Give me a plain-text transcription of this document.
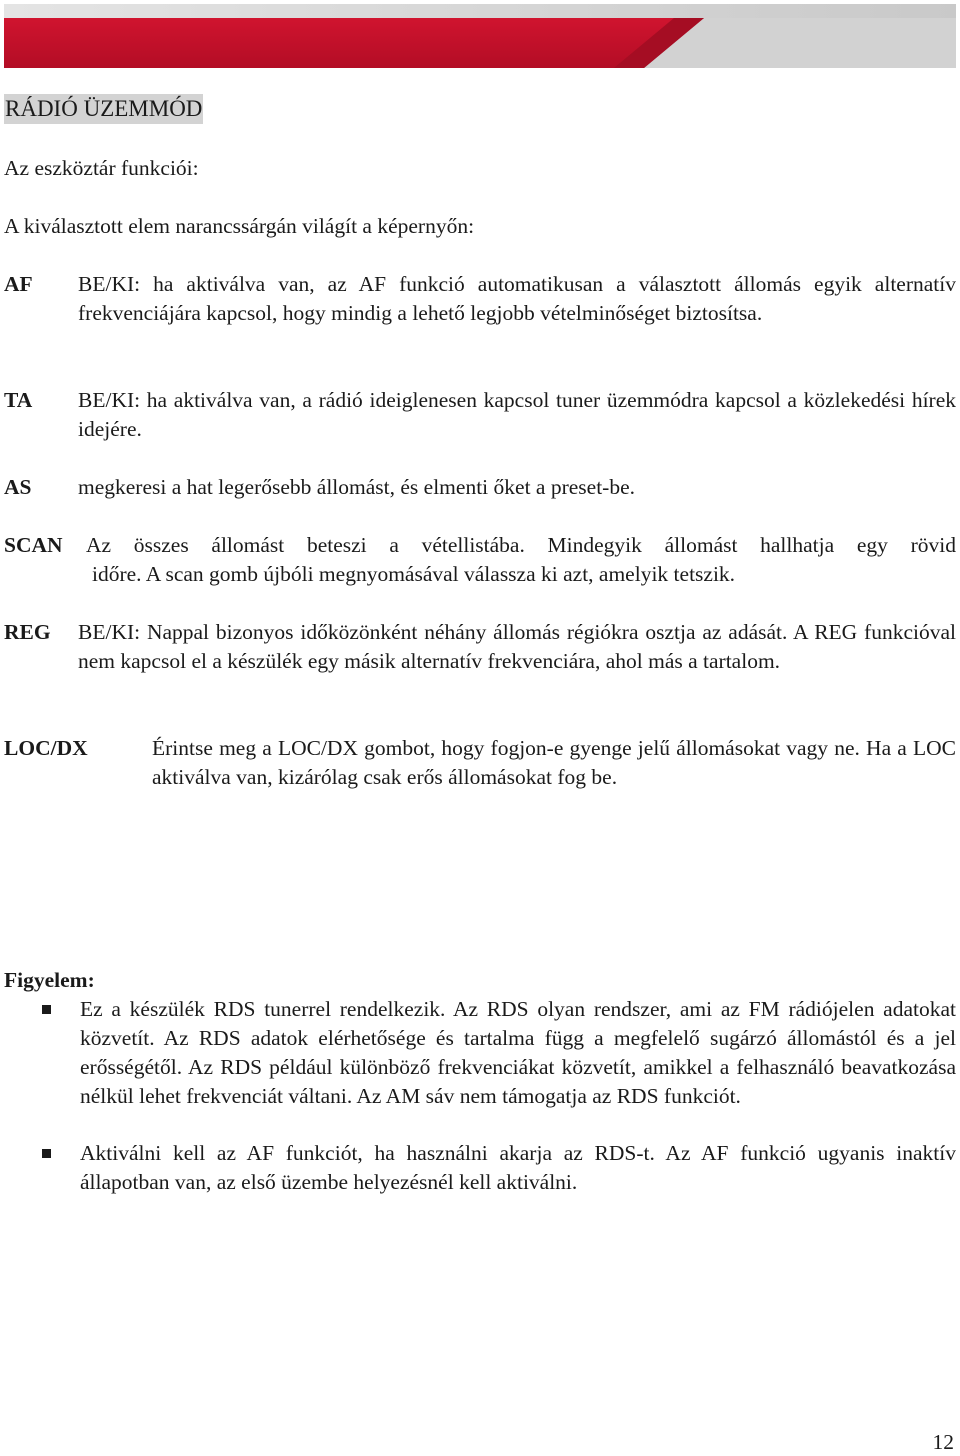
RÁDIÓ ÜZEMMÓD
Az eszköztár funkciói:
A kiválasztott elem narancssárgán világít a képernyőn:
AF BE/KI: ha aktiválva van, az AF funkció automatikusan a választott állomás egyik alternatív frekvenciájára kapcsol, hogy mindig a lehető legjobb vételminőséget biztosítsa.
TA BE/KI: ha aktiválva van, a rádió ideiglenesen kapcsol tuner üzemmódra kapcsol a közlekedési hírek idejére.
AS megkeresi a hat legerősebb állomást, és elmenti őket a preset-be.
SCAN Az összes állomást beteszi a vétellistába. Mindegyik állomást hallhatja egy rövid
időre. A scan gomb újbóli megnyomásával válassza ki azt, amelyik tetszik.
REG BE/KI: Nappal bizonyos időközönként néhány állomás régiókra osztja az adását. A REG funkcióval nem kapcsol el a készülék egy másik alternatív frekvenciára, ahol más a tartalom.
LOC/DX	Érintse meg a LOC/DX gombot, hogy fogjon-e gyenge jelű állomásokat vagy ne. Ha a LOC aktiválva van, kizárólag csak erős állomásokat fog be.
Figyelem:
Ez a készülék RDS tunerrel rendelkezik. Az RDS olyan rendszer, ami az FM rádiójelen adatokat közvetít. Az RDS adatok elérhetősége és tartalma függ a megfelelő sugárzó állomástól és a jel erősségétől. Az RDS például különböző frekvenciákat közvetít, amikkel a felhasználó beavatkozása nélkül lehet frekvenciát váltani. Az AM sáv nem támogatja az RDS funkciót.
Aktiválni kell az AF funkciót, ha használni akarja az RDS-t. Az AF funkció ugyanis inaktív állapotban van, az első üzembe helyezésnél kell aktiválni.
12
